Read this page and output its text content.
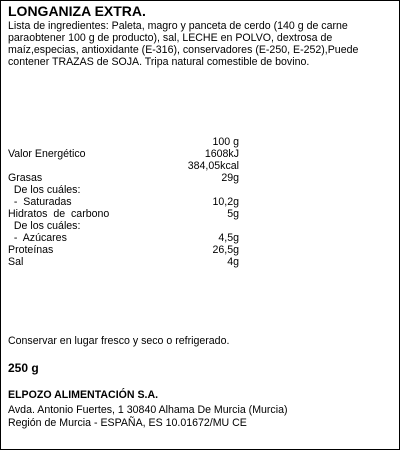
LONGANIZA EXTRA.
Lista de ingredientes: Paleta, magro y panceta de cerdo (140 g de carne
paraobtener 100 g de producto), sal, LECHE en POLVO, dextrosa de
maíz,especias, antioxidante (E-316), conservadores (E-250, E-252),Puede
contener TRAZAS de SOJA. Tripa natural comestible de bovino.
100 g
Valor Energético	1608kJ
384,05kcal
Grasas	29g
De los cuáles:
-  Saturadas	10,2g
Hidratos  de  carbono	5g
De los cuáles:
-  Azúcares	4,5g
Proteínas	26,5g
Sal	4g

Conservar en lugar fresco y seco o refrigerado.

250 g

ELPOZO ALIMENTACIÓN S.A.

Avda. Antonio Fuertes, 1 30840 Alhama De Murcia (Murcia)
Región de Murcia - ESPAÑA, ES 10.01672/MU CE
